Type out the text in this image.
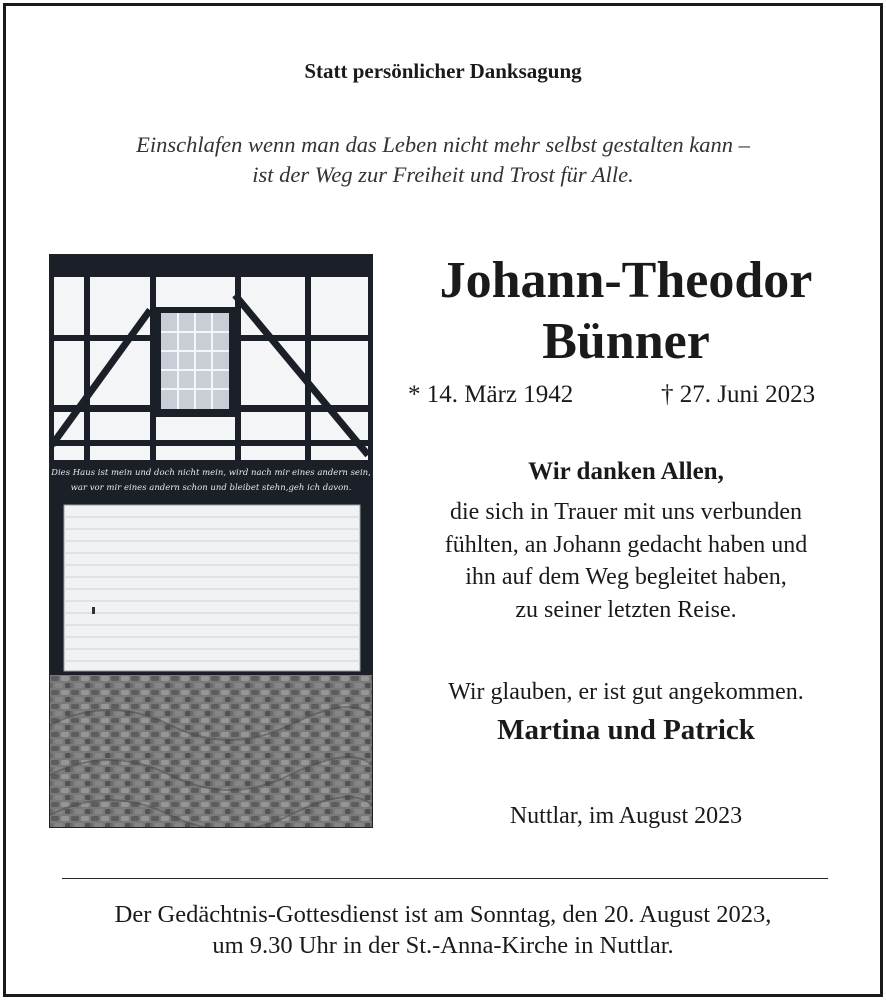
Statt persönlicher Danksagung
Einschlafen wenn man das Leben nicht mehr selbst gestalten kann –
ist der Weg zur Freiheit und Trost für Alle.
Dies Haus ist mein und doch nicht mein, wird nach mir eines andern sein,
war vor mir eines andern schon und bleibet stehn,geh ich davon.
Johann-Theodor
Bünner
* 14. März 1942	† 27. Juni 2023
Wir danken Allen,
die sich in Trauer mit uns verbunden
fühlten, an Johann gedacht haben und
ihn auf dem Weg begleitet haben,
zu seiner letzten Reise.
Wir glauben, er ist gut angekommen.
Martina und Patrick
Nuttlar, im August 2023
Der Gedächtnis-Gottesdienst ist am Sonntag, den 20. August 2023,
um 9.30 Uhr in der St.-Anna-Kirche in Nuttlar.
